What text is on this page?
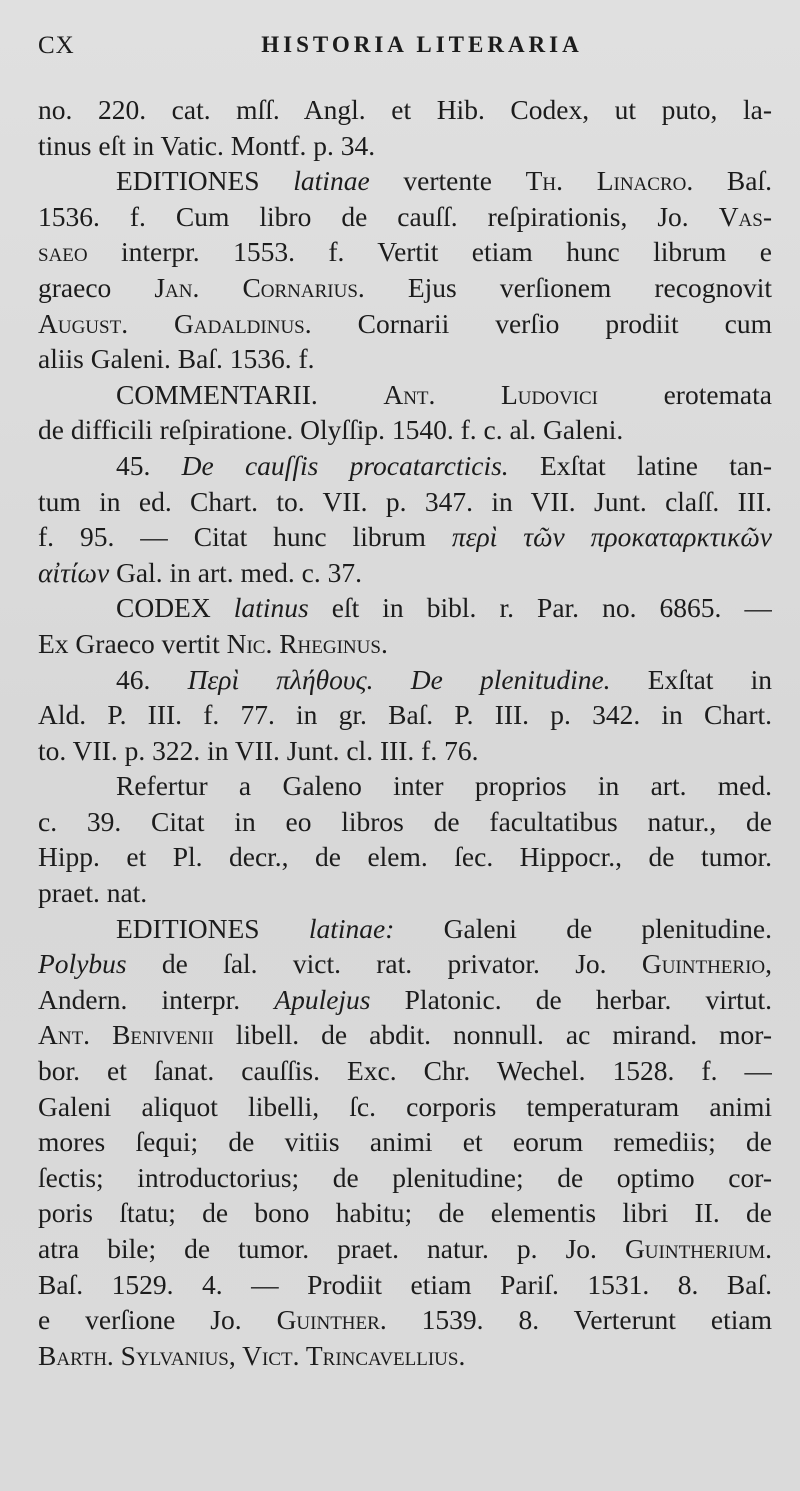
CX	HISTORIA LITERARIA
no. 220. cat. mſſ. Angl. et Hib. Codex, ut puto, la-
tinus eſt in Vatic. Montf. p. 34.
EDITIONES latinae vertente Th. Linacro. Baſ.
1536. f. Cum libro de cauſſ. reſpirationis, Jo. Vas-
saeo interpr. 1553. f. Vertit etiam hunc librum e
graeco Jan. Cornarius. Ejus verſionem recognovit
August. Gadaldinus. Cornarii verſio prodiit cum
aliis Galeni. Baſ. 1536. f.
COMMENTARII. Ant. Ludovici erotemata
de difficili reſpiratione. Olyſſip. 1540. f. c. al. Galeni.
45. De cauſſis procatarcticis. Exſtat latine tan-
tum in ed. Chart. to. VII. p. 347. in VII. Junt. claſſ. III.
f. 95. — Citat hunc librum περὶ τῶν προκαταρκτικῶν
αἰτίων Gal. in art. med. c. 37.
CODEX latinus eſt in bibl. r. Par. no. 6865. —
Ex Graeco vertit Nic. Rheginus.
46. Περὶ πλήθους. De plenitudine. Exſtat in
Ald. P. III. f. 77. in gr. Baſ. P. III. p. 342. in Chart.
to. VII. p. 322. in VII. Junt. cl. III. f. 76.
Refertur a Galeno inter proprios in art. med.
c. 39. Citat in eo libros de facultatibus natur., de
Hipp. et Pl. decr., de elem. ſec. Hippocr., de tumor.
praet. nat.
EDITIONES latinae: Galeni de plenitudine.
Polybus de ſal. vict. rat. privator. Jo. Guintherio,
Andern. interpr. Apulejus Platonic. de herbar. virtut.
Ant. Benivenii libell. de abdit. nonnull. ac mirand. mor-
bor. et ſanat. cauſſis. Exc. Chr. Wechel. 1528. f. —
Galeni aliquot libelli, ſc. corporis temperaturam animi
mores ſequi; de vitiis animi et eorum remediis; de
ſectis; introductorius; de plenitudine; de optimo cor-
poris ſtatu; de bono habitu; de elementis libri II. de
atra bile; de tumor. praet. natur. p. Jo. Guintherium.
Baſ. 1529. 4. — Prodiit etiam Pariſ. 1531. 8. Baſ.
e verſione Jo. Guinther. 1539. 8. Verterunt etiam
Barth. Sylvanius, Vict. Trincavellius.
